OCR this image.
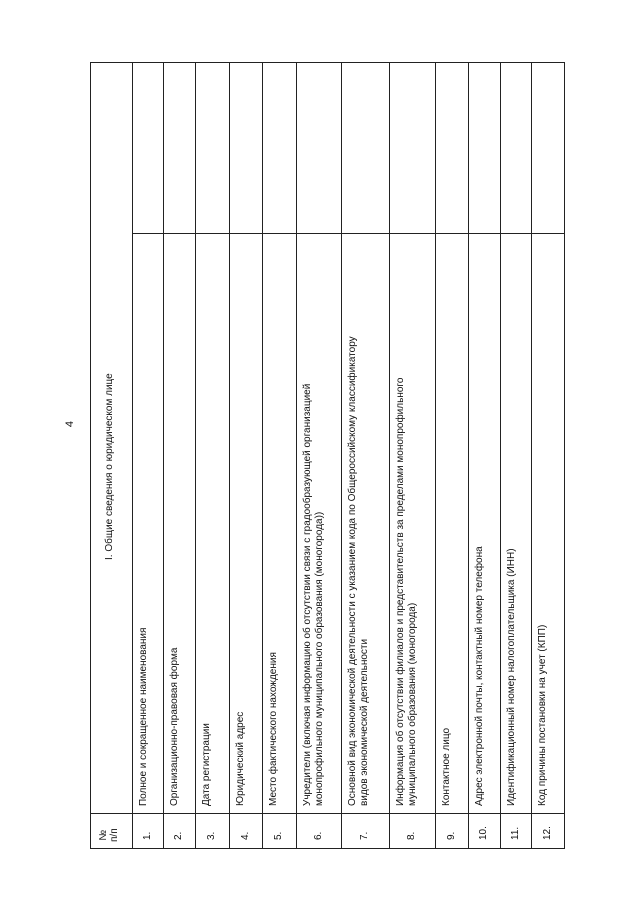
4
№
п/п
I. Общие сведения о юридическом лице
1.
Полное и сокращенное наименования
2.
Организационно-правовая форма
3.
Дата регистрации
4.
Юридический адрес
5.
Место фактического нахождения
6.
Учредители (включая информацию об отсутствии связи с градообразующей организацией монопрофильного муниципального образования (моногорода))
7.
Основной вид экономической деятельности с указанием кода по Общероссийскому классификатору видов экономической деятельности
8.
Информация об отсутствии филиалов и представительств за пределами монопрофильного муниципального образования (моногорода)
9.
Контактное лицо
10.
Адрес электронной почты, контактный номер телефона
11.
Идентификационный номер налогоплательщика (ИНН)
12.
Код причины постановки на учет (КПП)
